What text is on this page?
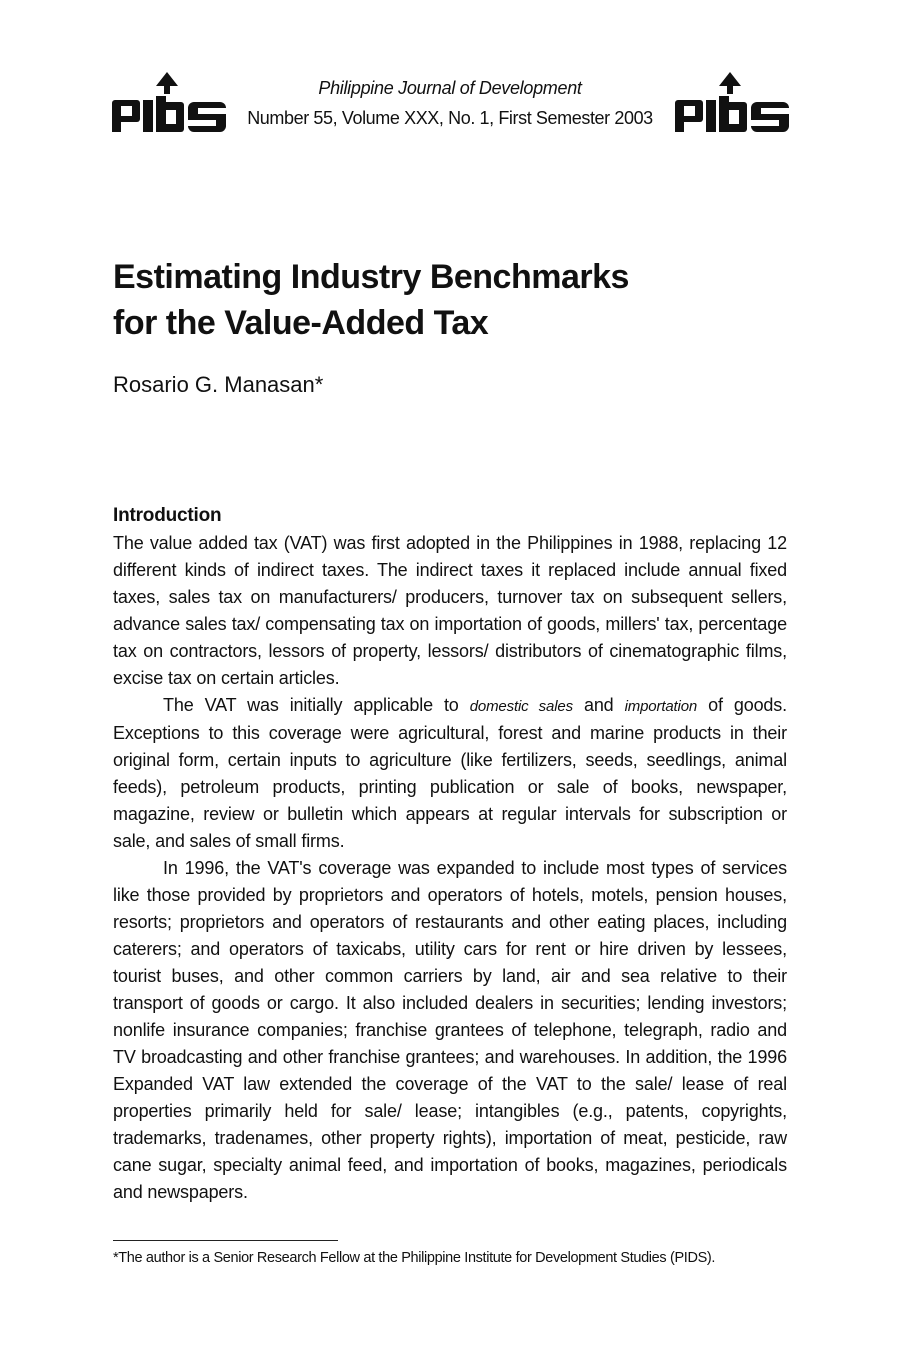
Philippine Journal of Development
Number 55, Volume XXX, No. 1, First Semester 2003
Estimating Industry Benchmarks
for the Value-Added Tax
Rosario G. Manasan*
Introduction

The value added tax (VAT) was first adopted in the Philippines in 1988, replacing 12 different kinds of indirect taxes. The indirect taxes it replaced include annual fixed taxes, sales tax on manufacturers/ producers, turnover tax on subsequent sellers, advance sales tax/ compensating tax on importation of goods, millers' tax, percentage tax on contractors, lessors of property, lessors/ distributors of cinematographic films, excise tax on certain articles.

The VAT was initially applicable to domestic sales and importation of goods. Exceptions to this coverage were agricultural, forest and marine products in their original form, certain inputs to agriculture (like fertilizers, seeds, seedlings, animal feeds), petroleum products, printing publication or sale of books, newspaper, magazine, review or bulletin which appears at regular intervals for subscription or sale, and sales of small firms.

In 1996, the VAT's coverage was expanded to include most types of services like those provided by proprietors and operators of hotels, motels, pension houses, resorts; proprietors and operators of restaurants and other eating places, including caterers; and operators of taxicabs, utility cars for rent or hire driven by lessees, tourist buses, and other common carriers by land, air and sea relative to their transport of goods or cargo. It also included dealers in securities; lending investors; nonlife insurance companies; franchise grantees of telephone, telegraph, radio and TV broadcasting and other franchise grantees; and warehouses. In addition, the 1996 Expanded VAT law extended the coverage of the VAT to the sale/ lease of real properties primarily held for sale/ lease; intangibles (e.g., patents, copyrights, trademarks, tradenames, other property rights), importation of meat, pesticide, raw cane sugar, specialty animal feed, and importation of books, magazines, periodicals and newspapers.

*The author is a Senior Research Fellow at the Philippine Institute for Development Studies (PIDS).
